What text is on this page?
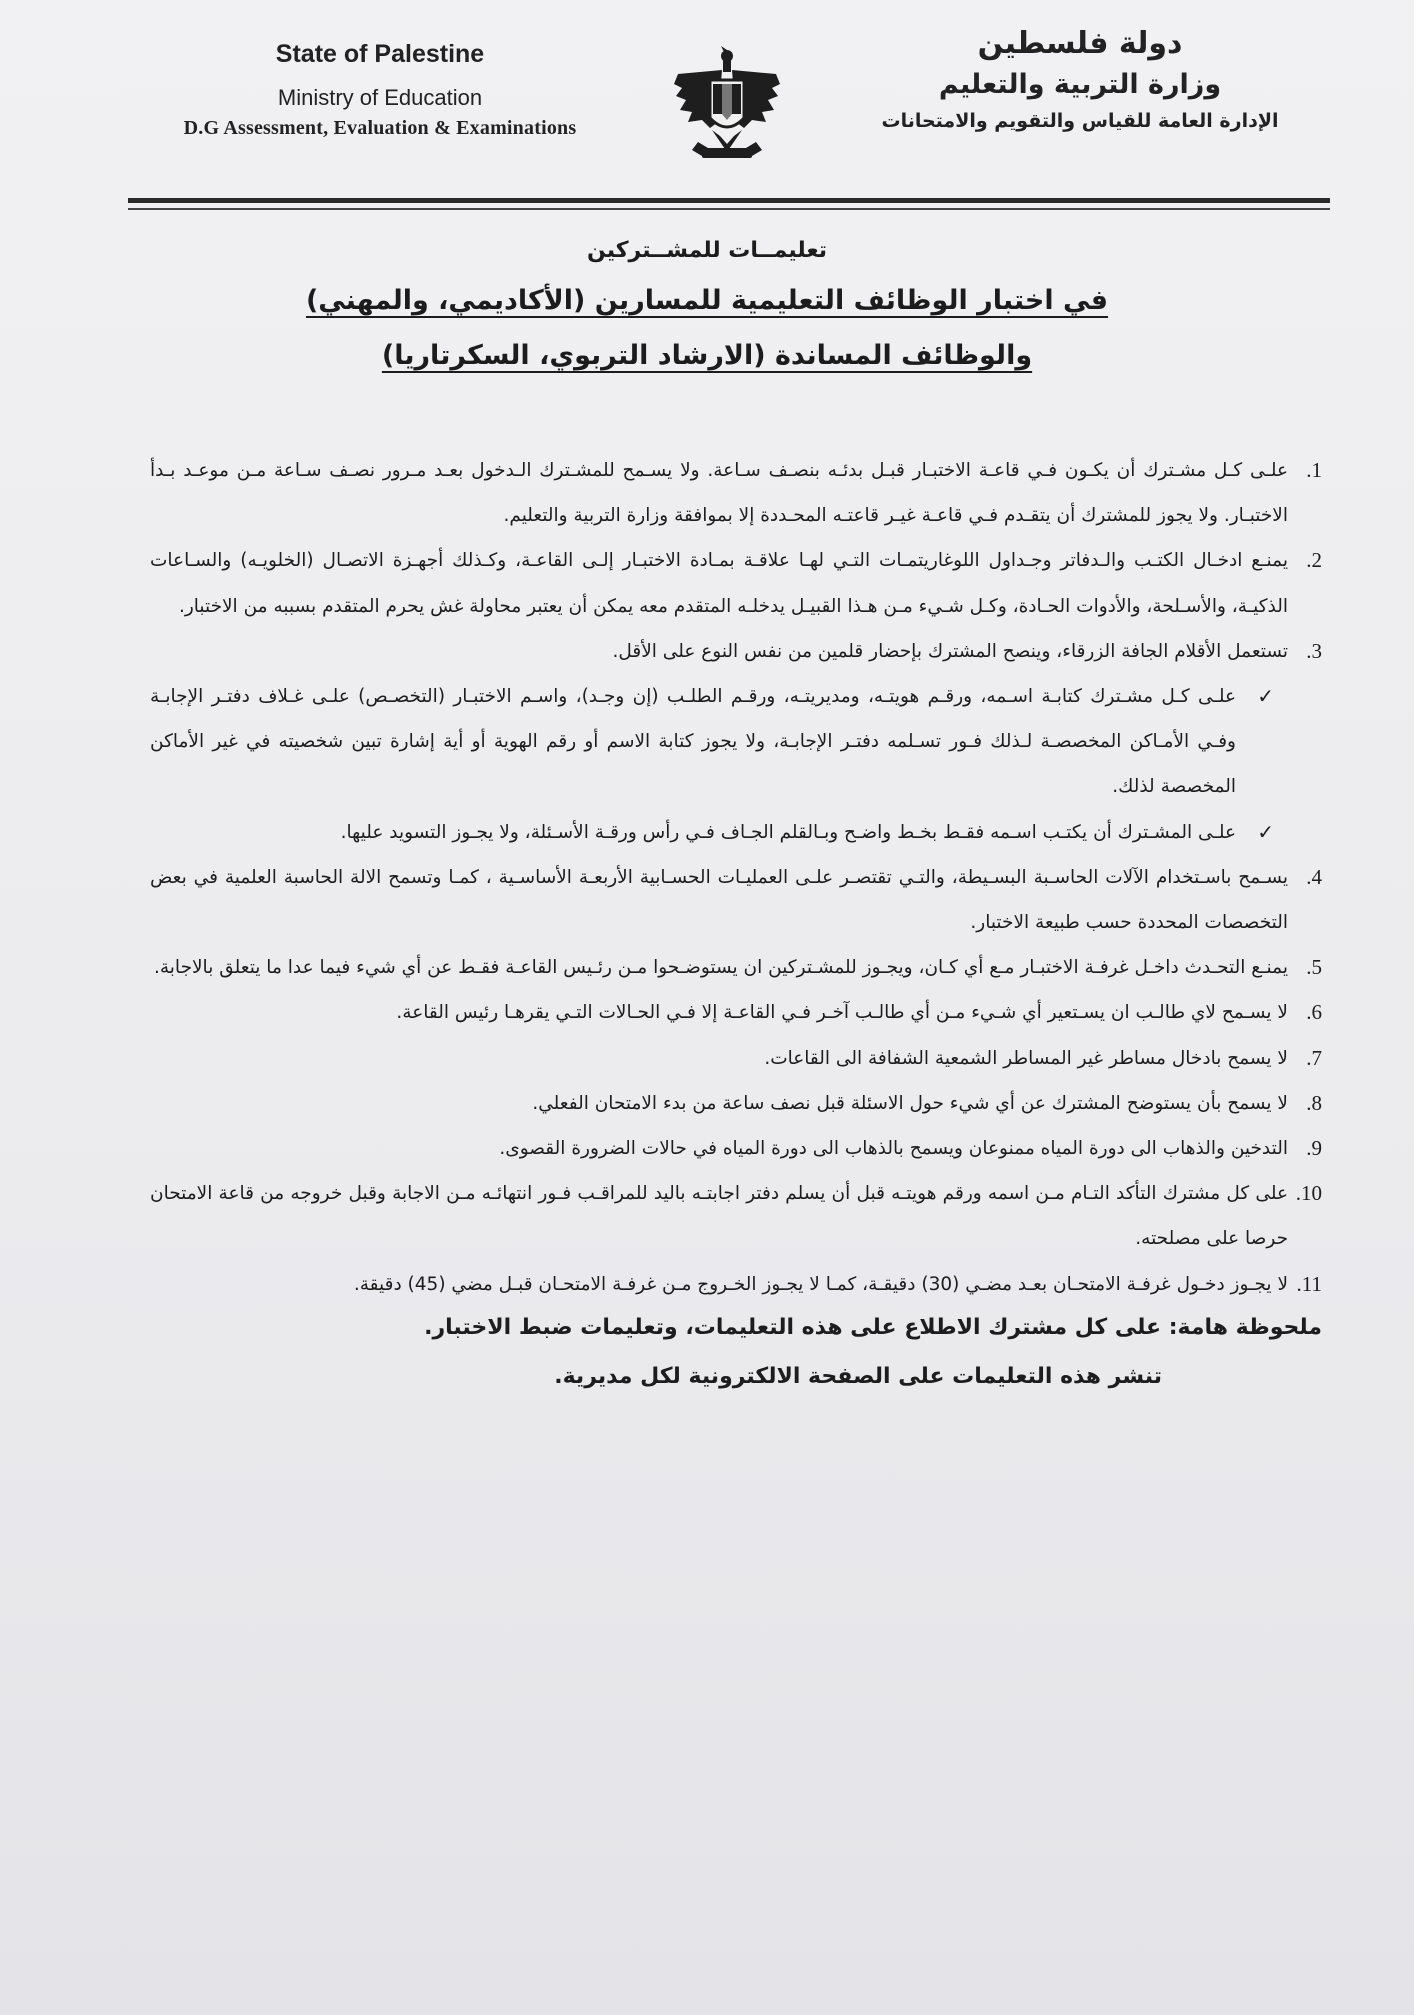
State of Palestine
Ministry of Education
D.G Assessment, Evaluation & Examinations
دولة فلسطين
وزارة التربية والتعليم
الإدارة العامة للقياس والتقويم والامتحانات
تعليمــات للمشــتركين
في اختبار الوظائف التعليمية للمسارين (الأكاديمي، والمهني)
والوظائف المساندة (الارشاد التربوي، السكرتاريا)
.1
علـى كـل مشـترك أن يكـون فـي قاعـة الاختبـار قبـل بدئـه بنصـف سـاعة. ولا يسـمح للمشـترك الـدخول بعـد مـرور نصـف سـاعة مـن موعـد بـدأ الاختبـار. ولا يجوز للمشترك أن يتقـدم فـي قاعـة غيـر قاعتـه المحـددة إلا بموافقة وزارة التربية والتعليم.
.2
يمنـع ادخـال الكتـب والـدفاتر وجـداول اللوغاريتمـات التـي لهـا علاقـة بمـادة الاختبـار إلـى القاعـة، وكـذلك أجهـزة الاتصـال (الخلويـه) والسـاعات الذكيـة، والأسـلحة، والأدوات الحـادة، وكـل شـيء مـن هـذا القبيـل يدخلـه المتقدم معه يمكن أن يعتبر محاولة غش يحرم المتقدم بسببه من الاختبار.
.3
تستعمل الأقلام الجافة الزرقاء، وينصح المشترك بإحضار قلمين من نفس النوع على الأقل.
✓
علـى كـل مشـترك كتابـة اسـمه، ورقـم هويتـه، ومديريتـه، ورقـم الطلـب (إن وجـد)، واسـم الاختبـار (التخصـص) علـى غـلاف دفتـر الإجابـة وفـي الأمـاكن المخصصـة لـذلك فـور تسـلمه دفتـر الإجابـة، ولا يجوز كتابة الاسم أو رقم الهوية أو أية إشارة تبين شخصيته في غير الأماكن المخصصة لذلك.
✓
علـى المشـترك أن يكتـب اسـمه فقـط بخـط واضـح وبـالقلم الجـاف فـي رأس ورقـة الأسـئلة، ولا يجـوز التسويد عليها.
.4
يسـمح باسـتخدام الآلات الحاسـبة البسـيطة، والتـي تقتصـر علـى العمليـات الحسـابية الأربعـة الأساسـية ، كمـا وتسمح الالة الحاسبة العلمية في بعض التخصصات المحددة حسب طبيعة الاختبار.
.5
يمنـع التحـدث داخـل غرفـة الاختبـار مـع أي كـان، ويجـوز للمشـتركين ان يستوضـحوا مـن رئـيس القاعـة فقـط عن أي شيء فيما عدا ما يتعلق بالاجابة.
.6
لا يسـمح لاي طالـب ان يسـتعير أي شـيء مـن أي طالـب آخـر فـي القاعـة إلا فـي الحـالات التـي يقرهـا رئيس القاعة.
.7
لا يسمح بادخال مساطر غير المساطر الشمعية الشفافة الى القاعات.
.8
لا يسمح بأن يستوضح المشترك عن أي شيء حول الاسئلة قبل نصف ساعة من بدء الامتحان الفعلي.
.9
التدخين والذهاب الى دورة المياه ممنوعان ويسمح بالذهاب الى دورة المياه في حالات الضرورة القصوى.
.10
على كل مشترك التأكد التـام مـن اسمه ورقم هويتـه قبل أن يسلم دفتر اجابتـه باليد للمراقـب فـور انتهائـه مـن الاجابة وقبل خروجه من قاعة الامتحان حرصا على مصلحته.
.11
لا يجـوز دخـول غرفـة الامتحـان بعـد مضـي (30) دقيقـة، كمـا لا يجـوز الخـروج مـن غرفـة الامتحـان قبـل مضي (45) دقيقة.

ملحوظة هامة: على كل مشترك الاطلاع على هذه التعليمات، وتعليمات ضبط الاختبار.

تنشر هذه التعليمات على الصفحة الالكترونية لكل مديرية.
